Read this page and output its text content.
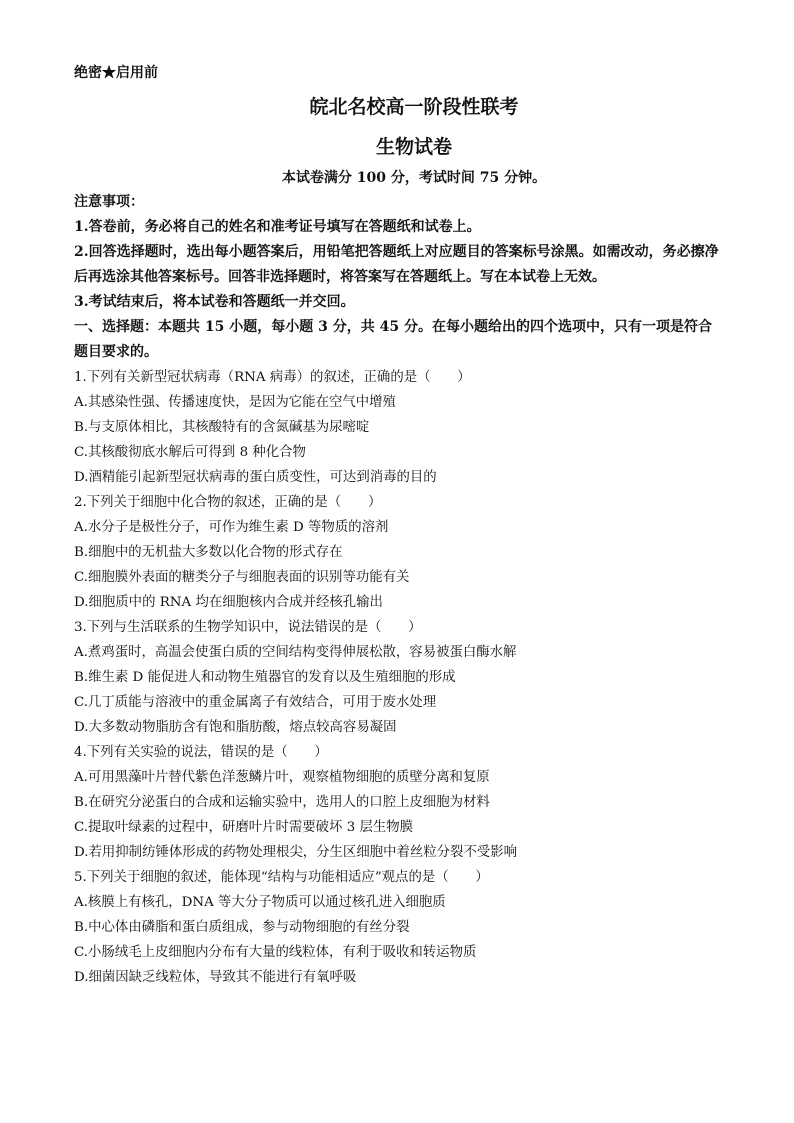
绝密★启用前
皖北名校高一阶段性联考
生物试卷
本试卷满分 100 分，考试时间 75 分钟。
注意事项：
1.答卷前，务必将自己的姓名和准考证号填写在答题纸和试卷上。
2.回答选择题时，选出每小题答案后，用铅笔把答题纸上对应题目的答案标号涂黑。如需改动，务必擦净后再选涂其他答案标号。回答非选择题时，将答案写在答题纸上。写在本试卷上无效。
3.考试结束后，将本试卷和答题纸一并交回。
一、选择题：本题共 15 小题，每小题 3 分，共 45 分。在每小题给出的四个选项中，只有一项是符合题目要求的。
1.下列有关新型冠状病毒（RNA 病毒）的叙述，正确的是（　　）
A.其感染性强、传播速度快，是因为它能在空气中增殖
B.与支原体相比，其核酸特有的含氮碱基为尿嘧啶
C.其核酸彻底水解后可得到 8 种化合物
D.酒精能引起新型冠状病毒的蛋白质变性，可达到消毒的目的
2.下列关于细胞中化合物的叙述，正确的是（　　）
A.水分子是极性分子，可作为维生素 D 等物质的溶剂
B.细胞中的无机盐大多数以化合物的形式存在
C.细胞膜外表面的糖类分子与细胞表面的识别等功能有关
D.细胞质中的 RNA 均在细胞核内合成并经核孔输出
3.下列与生活联系的生物学知识中，说法错误的是（　　）
A.煮鸡蛋时，高温会使蛋白质的空间结构变得伸展松散，容易被蛋白酶水解
B.维生素 D 能促进人和动物生殖器官的发育以及生殖细胞的形成
C.几丁质能与溶液中的重金属离子有效结合，可用于废水处理
D.大多数动物脂肪含有饱和脂肪酸，熔点较高容易凝固
4.下列有关实验的说法，错误的是（　　）
A.可用黑藻叶片替代紫色洋葱鳞片叶，观察植物细胞的质壁分离和复原
B.在研究分泌蛋白的合成和运输实验中，选用人的口腔上皮细胞为材料
C.提取叶绿素的过程中，研磨叶片时需要破坏 3 层生物膜
D.若用抑制纺锤体形成的药物处理根尖，分生区细胞中着丝粒分裂不受影响
5.下列关于细胞的叙述，能体现“结构与功能相适应”观点的是（　　）
A.核膜上有核孔，DNA 等大分子物质可以通过核孔进入细胞质
B.中心体由磷脂和蛋白质组成，参与动物细胞的有丝分裂
C.小肠绒毛上皮细胞内分布有大量的线粒体，有利于吸收和转运物质
D.细菌因缺乏线粒体，导致其不能进行有氧呼吸
